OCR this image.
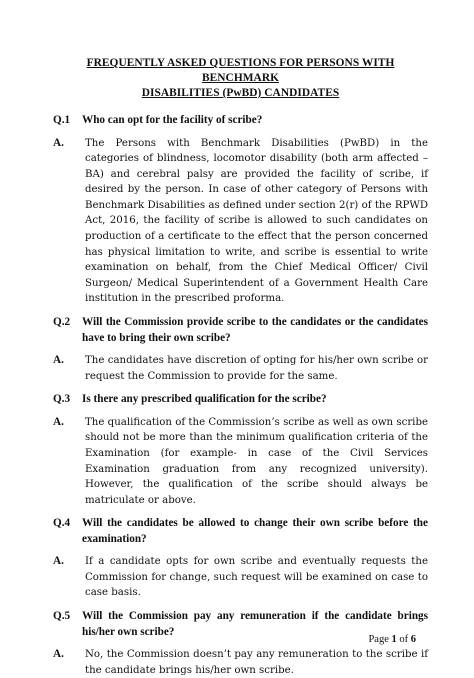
FREQUENTLY ASKED QUESTIONS FOR PERSONS WITH BENCHMARK
DISABILITIES (PwBD) CANDIDATES
Q.1	Who can opt for the facility of scribe?
A.	The Persons with Benchmark Disabilities (PwBD) in the categories of blindness, locomotor disability (both arm affected – BA) and cerebral palsy are provided the facility of scribe, if desired by the person. In case of other category of Persons with Benchmark Disabilities as defined under section 2(r) of the RPWD Act, 2016, the facility of scribe is allowed to such candidates on production of a certificate to the effect that the person concerned has physical limitation to write, and scribe is essential to write examination on behalf, from the Chief Medical Officer/ Civil Surgeon/ Medical Superintendent of a Government Health Care institution in the prescribed proforma.
Q.2	Will the Commission provide scribe to the candidates or the candidates have to bring their own scribe?
A.	The candidates have discretion of opting for his/her own scribe or request the Commission to provide for the same.
Q.3	Is there any prescribed qualification for the scribe?
A.	The qualification of the Commission’s scribe as well as own scribe should not be more than the minimum qualification criteria of the Examination (for example- in case of the Civil Services Examination graduation from any recognized university). However, the qualification of the scribe should always be matriculate or above.
Q.4	Will the candidates be allowed to change their own scribe before the examination?
A.	If a candidate opts for own scribe and eventually requests the Commission for change, such request will be examined on case to case basis.
Q.5	Will the Commission pay any remuneration if the candidate brings his/her own scribe?
A.	No, the Commission doesn’t pay any remuneration to the scribe if the candidate brings his/her own scribe.
Page 1 of 6
